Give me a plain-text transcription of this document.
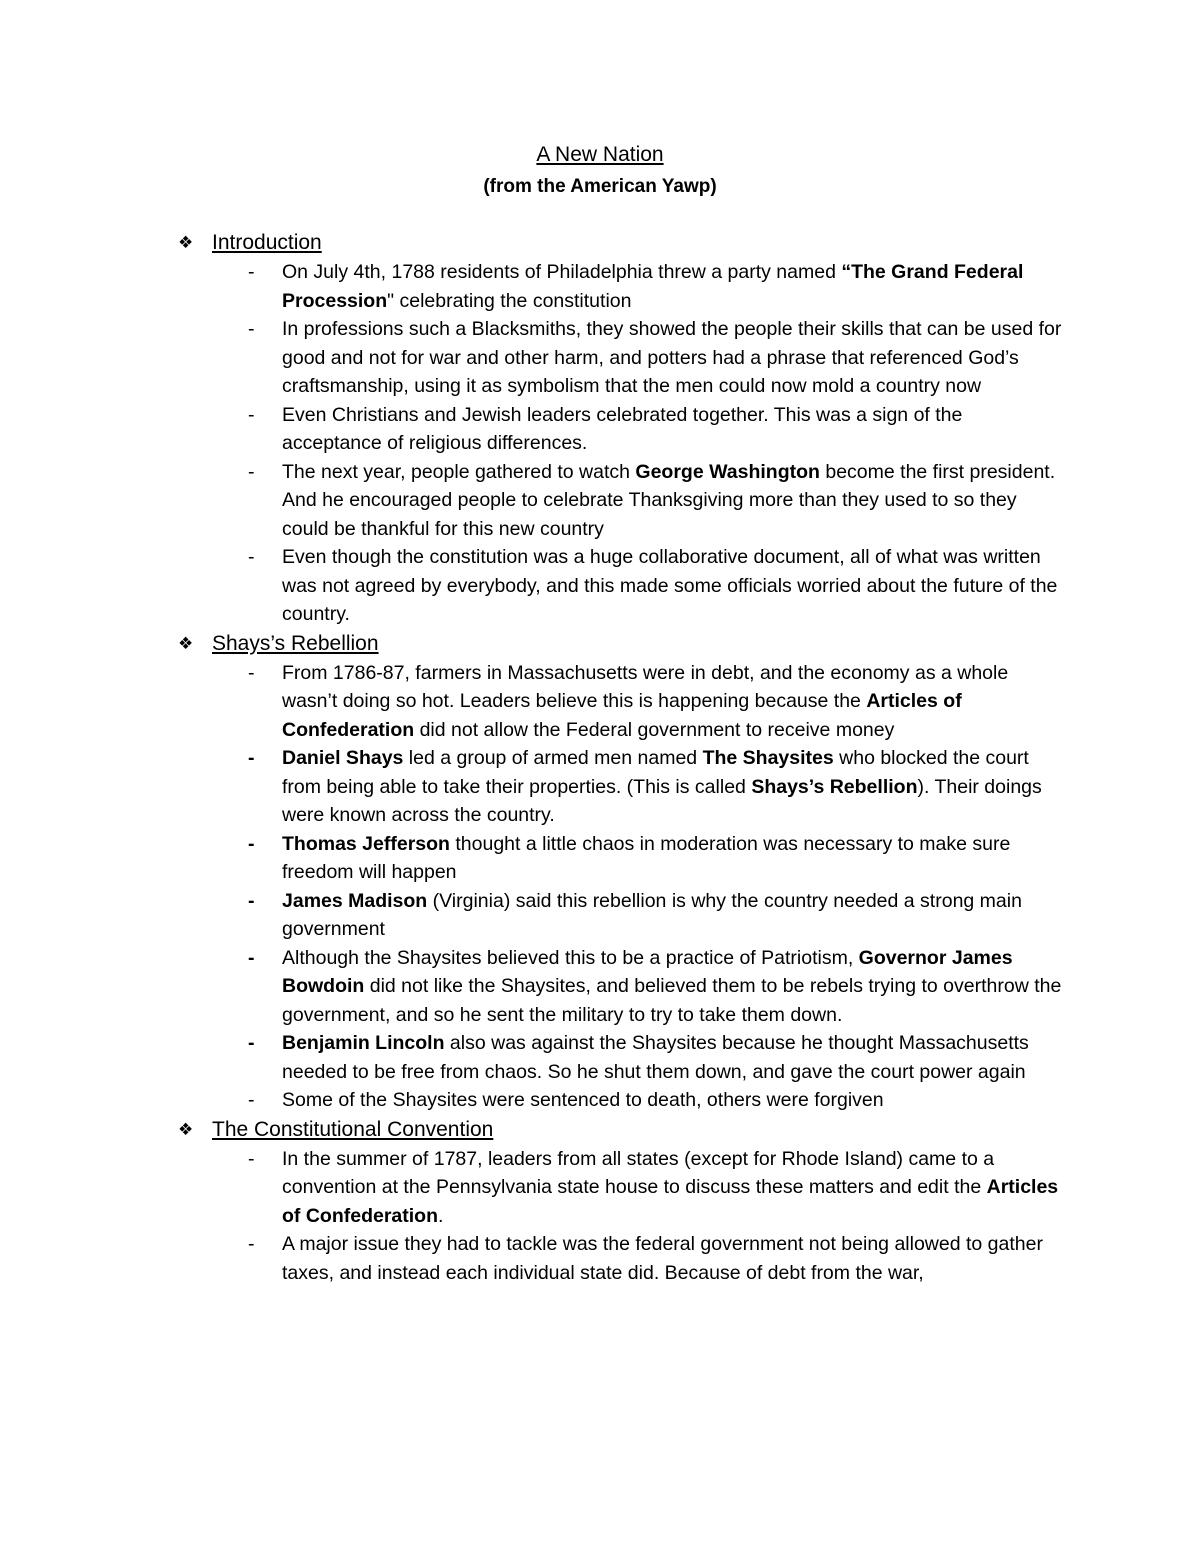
A New Nation
(from the American Yawp)
❖ Introduction
- On July 4th, 1788 residents of Philadelphia threw a party named “The Grand Federal Procession" celebrating the constitution
- In professions such a Blacksmiths, they showed the people their skills that can be used for good and not for war and other harm, and potters had a phrase that referenced God’s craftsmanship, using it as symbolism that the men could now mold a country now
- Even Christians and Jewish leaders celebrated together. This was a sign of the acceptance of religious differences.
- The next year, people gathered to watch George Washington become the first president. And he encouraged people to celebrate Thanksgiving more than they used to so they could be thankful for this new country
- Even though the constitution was a huge collaborative document, all of what was written was not agreed by everybody, and this made some officials worried about the future of the country.
❖ Shays’s Rebellion
- From 1786-87, farmers in Massachusetts were in debt, and the economy as a whole wasn’t doing so hot. Leaders believe this is happening because the Articles of Confederation did not allow the Federal government to receive money
- Daniel Shays led a group of armed men named The Shaysites who blocked the court from being able to take their properties. (This is called Shays’s Rebellion). Their doings were known across the country.
- Thomas Jefferson thought a little chaos in moderation was necessary to make sure freedom will happen
- James Madison (Virginia) said this rebellion is why the country needed a strong main government
- Although the Shaysites believed this to be a practice of Patriotism, Governor James Bowdoin did not like the Shaysites, and believed them to be rebels trying to overthrow the government, and so he sent the military to try to take them down.
- Benjamin Lincoln also was against the Shaysites because he thought Massachusetts needed to be free from chaos. So he shut them down, and gave the court power again
- Some of the Shaysites were sentenced to death, others were forgiven
❖ The Constitutional Convention
- In the summer of 1787, leaders from all states (except for Rhode Island) came to a convention at the Pennsylvania state house to discuss these matters and edit the Articles of Confederation.
- A major issue they had to tackle was the federal government not being allowed to gather taxes, and instead each individual state did. Because of debt from the war,
